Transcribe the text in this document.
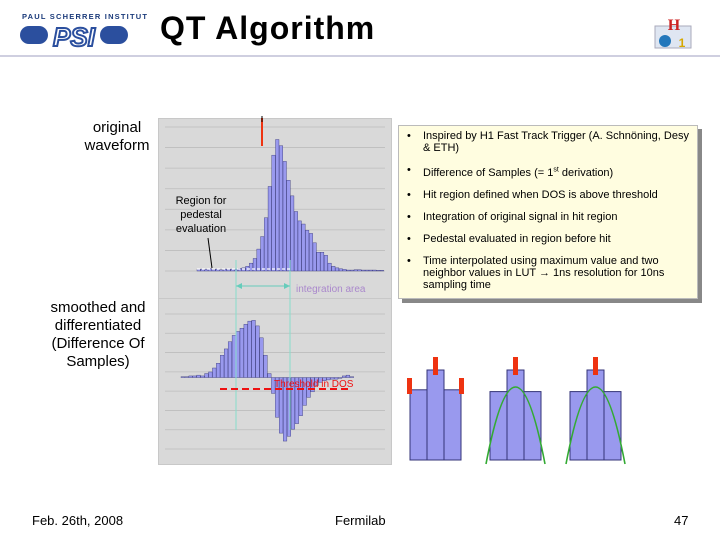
PAUL SCHERRER INSTITUT
PSI QT Algorithm	H
1
original waveform
smoothed and differentiated (Difference Of Samples)
Region for pedestal evaluation
integration area
Threshold in DOS
• Inspired by H1 Fast Track Trigger (A. Schnöning, Desy & ETH)
• Difference of Samples (= 1st derivation)
• Hit region defined when DOS is above threshold
• Integration of original signal in hit region
• Pedestal evaluated in region before hit
• Time interpolated using maximum value and two neighbor values in LUT → 1ns resolution for 10ns sampling time
Feb. 26th, 2008	Fermilab	47
